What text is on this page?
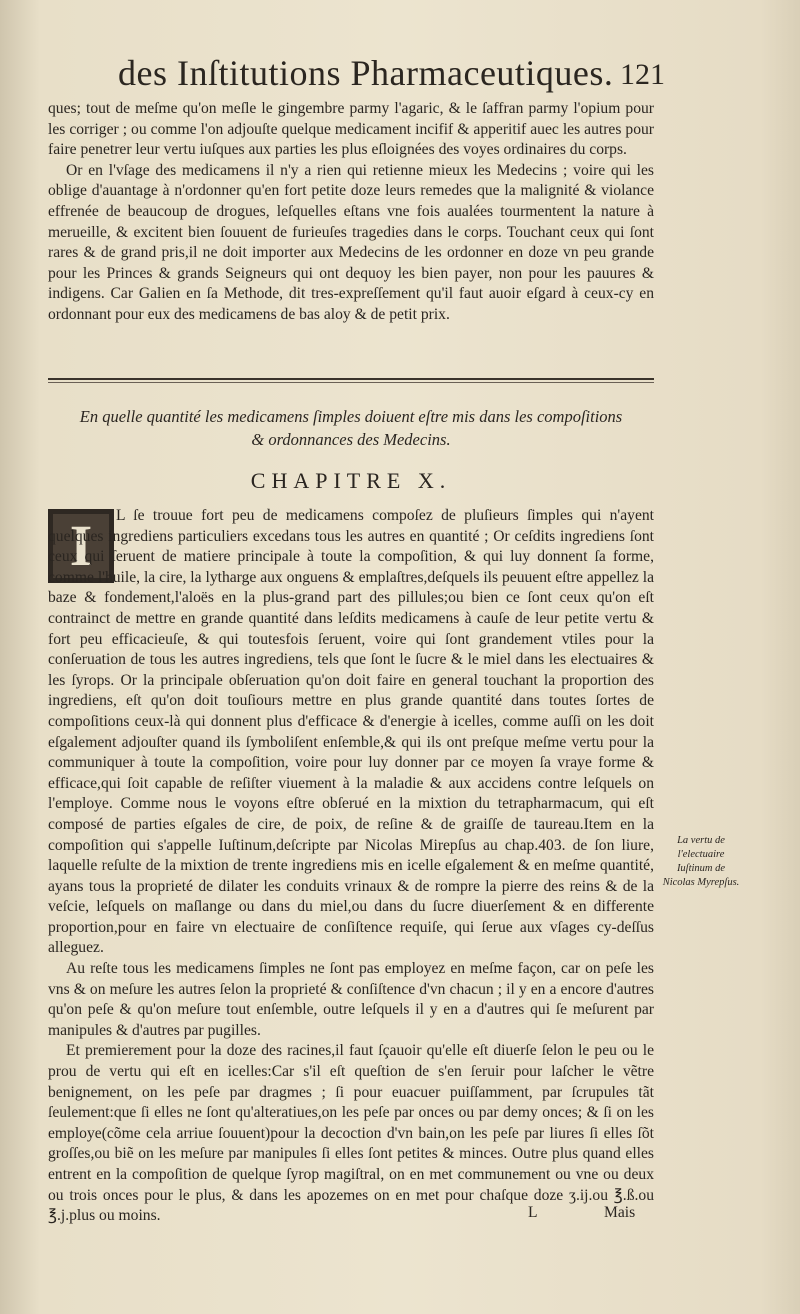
des Inſtitutions Pharmaceutiques. 121

ques; tout de meſme qu'on meſle le gingembre parmy l'agaric, & le ſaffran parmy l'opium pour les corriger ; ou comme l'on adjouſte quelque medicament incifif & apperitif auec les autres pour faire penetrer leur vertu iuſques aux parties les plus eſloignées des voyes ordinaires du corps.

Or en l'vſage des medicamens il n'y a rien qui retienne mieux les Medecins ; voire qui les oblige d'auantage à n'ordonner qu'en fort petite doze leurs remedes que la malignité & violance effrenée de beaucoup de drogues, leſquelles eſtans vne fois aualées tourmentent la nature à merueille, & excitent bien ſouuent de furieuſes tragedies dans le corps. Touchant ceux qui ſont rares & de grand pris,il ne doit importer aux Medecins de les ordonner en doze vn peu grande pour les Princes & grands Seigneurs qui ont dequoy les bien payer, non pour les pauures & indigens. Car Galien en ſa Methode, dit tres-expreſſement qu'il faut auoir eſgard à ceux-cy en ordonnant pour eux des medicamens de bas aloy & de petit prix.

En quelle quantité les medicamens ſimples doiuent eſtre mis dans les compoſitions
& ordonnances des Medecins.
CHAPITRE X.
I	L ſe trouue fort peu de medicamens compoſez de pluſieurs ſimples qui n'ayent quelques ingrediens particuliers excedans tous les autres en quantité ; Or ceſdits ingrediens ſont ceux qui ſeruent de matiere principale à toute la compoſition, & qui luy donnent ſa forme, comme l'huile, la cire, la lytharge aux onguens & emplaſtres,deſquels ils peuuent eſtre appellez la baze & fondement,l'aloës en la plus-grand part des pillules;ou bien ce ſont ceux qu'on eſt contrainct de mettre en grande quantité dans leſdits medicamens à cauſe de leur petite vertu & fort peu efficacieuſe, & qui toutesfois ſeruent, voire qui ſont grandement vtiles pour la conſeruation de tous les autres ingrediens, tels que ſont le ſucre & le miel dans les electuaires & les ſyrops. Or la principale obſeruation qu'on doit faire en general touchant la proportion des ingrediens, eſt qu'on doit touſiours mettre en plus grande quantité dans toutes ſortes de compoſitions ceux-là qui donnent plus d'efficace & d'energie à icelles, comme auſſi on les doit eſgalement adjouſter quand ils ſymboliſent enſemble,& qui ils ont preſque meſme vertu pour la communiquer à toute la compoſition, voire pour luy donner par ce moyen ſa vraye forme & efficace,qui ſoit capable de reſiſter viuement à la maladie & aux accidens contre leſquels on l'employe. Comme nous le voyons eſtre obſerué en la mixtion du tetrapharmacum, qui eſt composé de parties eſgales de cire, de poix, de reſine & de graiſſe de taureau.Item en la compoſition qui s'appelle Iuſtinum,deſcripte par Nicolas Mirepſus au chap.403. de ſon liure, laquelle reſulte de la mixtion de trente ingrediens mis en icelle eſgalement & en meſme quantité, ayans tous la proprieté de dilater les conduits vrinaux & de rompre la pierre des reins & de la veſcie, leſquels on maſlange ou dans du miel,ou dans du ſucre diuerſement & en differente proportion,pour en faire vn electuaire de conſiſtence requiſe, qui ſerue aux vſages cy-deſſus alleguez.

Au reſte tous les medicamens ſimples ne ſont pas employez en meſme façon, car on peſe les vns & on meſure les autres ſelon la proprieté & conſiſtence d'vn chacun ; il y en a encore d'autres qu'on peſe & qu'on meſure tout enſemble, outre leſquels il y en a d'autres qui ſe meſurent par manipules & d'autres par pugilles.

Et premierement pour la doze des racines,il faut ſçauoir qu'elle eſt diuerſe ſelon le peu ou le prou de vertu qui eſt en icelles:Car s'il eſt queſtion de s'en ſeruir pour laſcher le vẽtre benignement, on les peſe par dragmes ; ſi pour euacuer puiſſamment, par ſcrupules tãt ſeulement:que ſi elles ne ſont qu'alteratiues,on les peſe par onces ou par demy onces; & ſi on les employe(cõme cela arriue ſouuent)pour la decoction d'vn bain,on les peſe par liures ſi elles ſõt groſſes,ou biẽ on les meſure par manipules ſi elles ſont petites & minces. Outre plus quand elles entrent en la compoſition de quelque ſyrop magiſtral, on en met communement ou vne ou deux ou trois onces pour le plus, & dans les apozemes on en met pour chaſque doze ʒ.ij.ou ℥.ß.ou ℥.j.plus ou moins.

La vertu de l'electuaire Iuſtinum de Nicolas Myrepſus.
L	Mais
